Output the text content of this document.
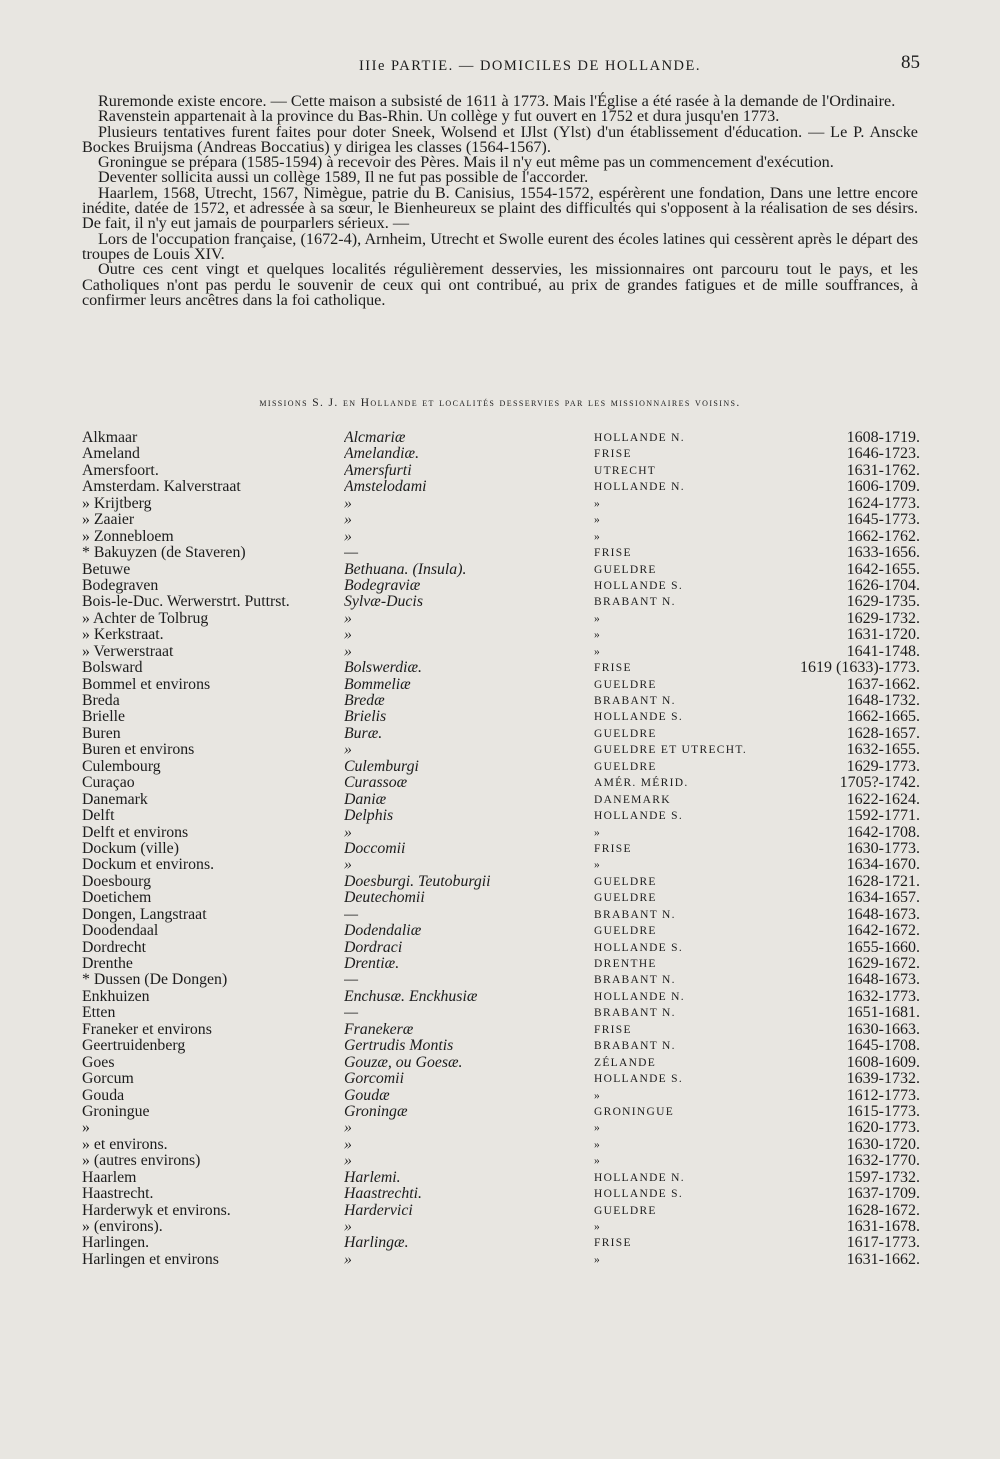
IIIe PARTIE. — DOMICILES DE HOLLANDE.	85

Ruremonde existe encore. — Cette maison a subsisté de 1611 à 1773. Mais l'Église a été rasée à la demande de l'Ordinaire.

Ravenstein appartenait à la province du Bas-Rhin. Un collège y fut ouvert en 1752 et dura jusqu'en 1773.

Plusieurs tentatives furent faites pour doter Sneek, Wolsend et IJlst (Ylst) d'un établissement d'éducation. — Le P. Anscke Bockes Bruijsma (Andreas Boccatius) y dirigea les classes (1564-1567).

Groningue se prépara (1585-1594) à recevoir des Pères. Mais il n'y eut même pas un commencement d'exécution.

Deventer sollicita aussi un collège 1589, Il ne fut pas possible de l'accorder.

Haarlem, 1568, Utrecht, 1567, Nimègue, patrie du B. Canisius, 1554-1572, espérèrent une fondation, Dans une lettre encore inédite, datée de 1572, et adressée à sa sœur, le Bienheureux se plaint des difficultés qui s'opposent à la réalisation de ses désirs. De fait, il n'y eut jamais de pourparlers sérieux. —

Lors de l'occupation française, (1672-4), Arnheim, Utrecht et Swolle eurent des écoles latines qui cessèrent après le départ des troupes de Louis XIV.

Outre ces cent vingt et quelques localités régulièrement desservies, les missionnaires ont parcouru tout le pays, et les Catholiques n'ont pas perdu le souvenir de ceux qui ont contribué, au prix de grandes fatigues et de mille souffrances, à confirmer leurs ancêtres dans la foi catholique.

missions S. J. en Hollande et localités desservies par les missionnaires voisins.
Alkmaar	Alcmariæ	HOLLANDE N.	1608-1719.
Ameland	Amelandiæ.	FRISE	1646-1723.
Amersfoort.	Amersfurti	UTRECHT	1631-1762.
Amsterdam. Kalverstraat	Amstelodami	HOLLANDE N.	1606-1709.
» Krijtberg	»	»	1624-1773.
» Zaaier	»	»	1645-1773.
» Zonnebloem	»	»	1662-1762.
* Bakuyzen (de Staveren)	—	FRISE	1633-1656.
Betuwe	Bethuana. (Insula).	GUELDRE	1642-1655.
Bodegraven	Bodegraviæ	HOLLANDE S.	1626-1704.
Bois-le-Duc. Werwerstrt. Puttrst.	Sylvæ-Ducis	BRABANT N.	1629-1735.
» Achter de Tolbrug	»	»	1629-1732.
» Kerkstraat.	»	»	1631-1720.
» Verwerstraat	»	»	1641-1748.
Bolsward	Bolswerdiæ.	FRISE	1619 (1633)-1773.
Bommel et environs	Bommeliæ	GUELDRE	1637-1662.
Breda	Bredæ	BRABANT N.	1648-1732.
Brielle	Brielis	HOLLANDE S.	1662-1665.
Buren	Buræ.	GUELDRE	1628-1657.
Buren et environs	»	GUELDRE ET UTRECHT.	1632-1655.
Culembourg	Culemburgi	GUELDRE	1629-1773.
Curaçao	Curassoæ	AMÉR. MÉRID.	1705?-1742.
Danemark	Daniæ	DANEMARK	1622-1624.
Delft	Delphis	HOLLANDE S.	1592-1771.
Delft et environs	»	»	1642-1708.
Dockum (ville)	Doccomii	FRISE	1630-1773.
Dockum et environs.	»	»	1634-1670.
Doesbourg	Doesburgi. Teutoburgii	GUELDRE	1628-1721.
Doetichem	Deutechomii	GUELDRE	1634-1657.
Dongen, Langstraat	—	BRABANT N.	1648-1673.
Doodendaal	Dodendaliæ	GUELDRE	1642-1672.
Dordrecht	Dordraci	HOLLANDE S.	1655-1660.
Drenthe	Drentiæ.	DRENTHE	1629-1672.
* Dussen (De Dongen)	—	BRABANT N.	1648-1673.
Enkhuizen	Enchusæ. Enckhusiæ	HOLLANDE N.	1632-1773.
Etten	—	BRABANT N.	1651-1681.
Franeker et environs	Franekeræ	FRISE	1630-1663.
Geertruidenberg	Gertrudis Montis	BRABANT N.	1645-1708.
Goes	Gouzæ, ou Goesæ.	ZÉLANDE	1608-1609.
Gorcum	Gorcomii	HOLLANDE S.	1639-1732.
Gouda	Goudæ	»	1612-1773.
Groningue	Groningæ	GRONINGUE	1615-1773.
»	»	»	1620-1773.
» et environs.	»	»	1630-1720.
» (autres environs)	»	»	1632-1770.
Haarlem	Harlemi.	HOLLANDE N.	1597-1732.
Haastrecht.	Haastrechti.	HOLLANDE S.	1637-1709.
Harderwyk et environs.	Hardervici	GUELDRE	1628-1672.
» (environs).	»	»	1631-1678.
Harlingen.	Harlingæ.	FRISE	1617-1773.
Harlingen et environs	»	»	1631-1662.
